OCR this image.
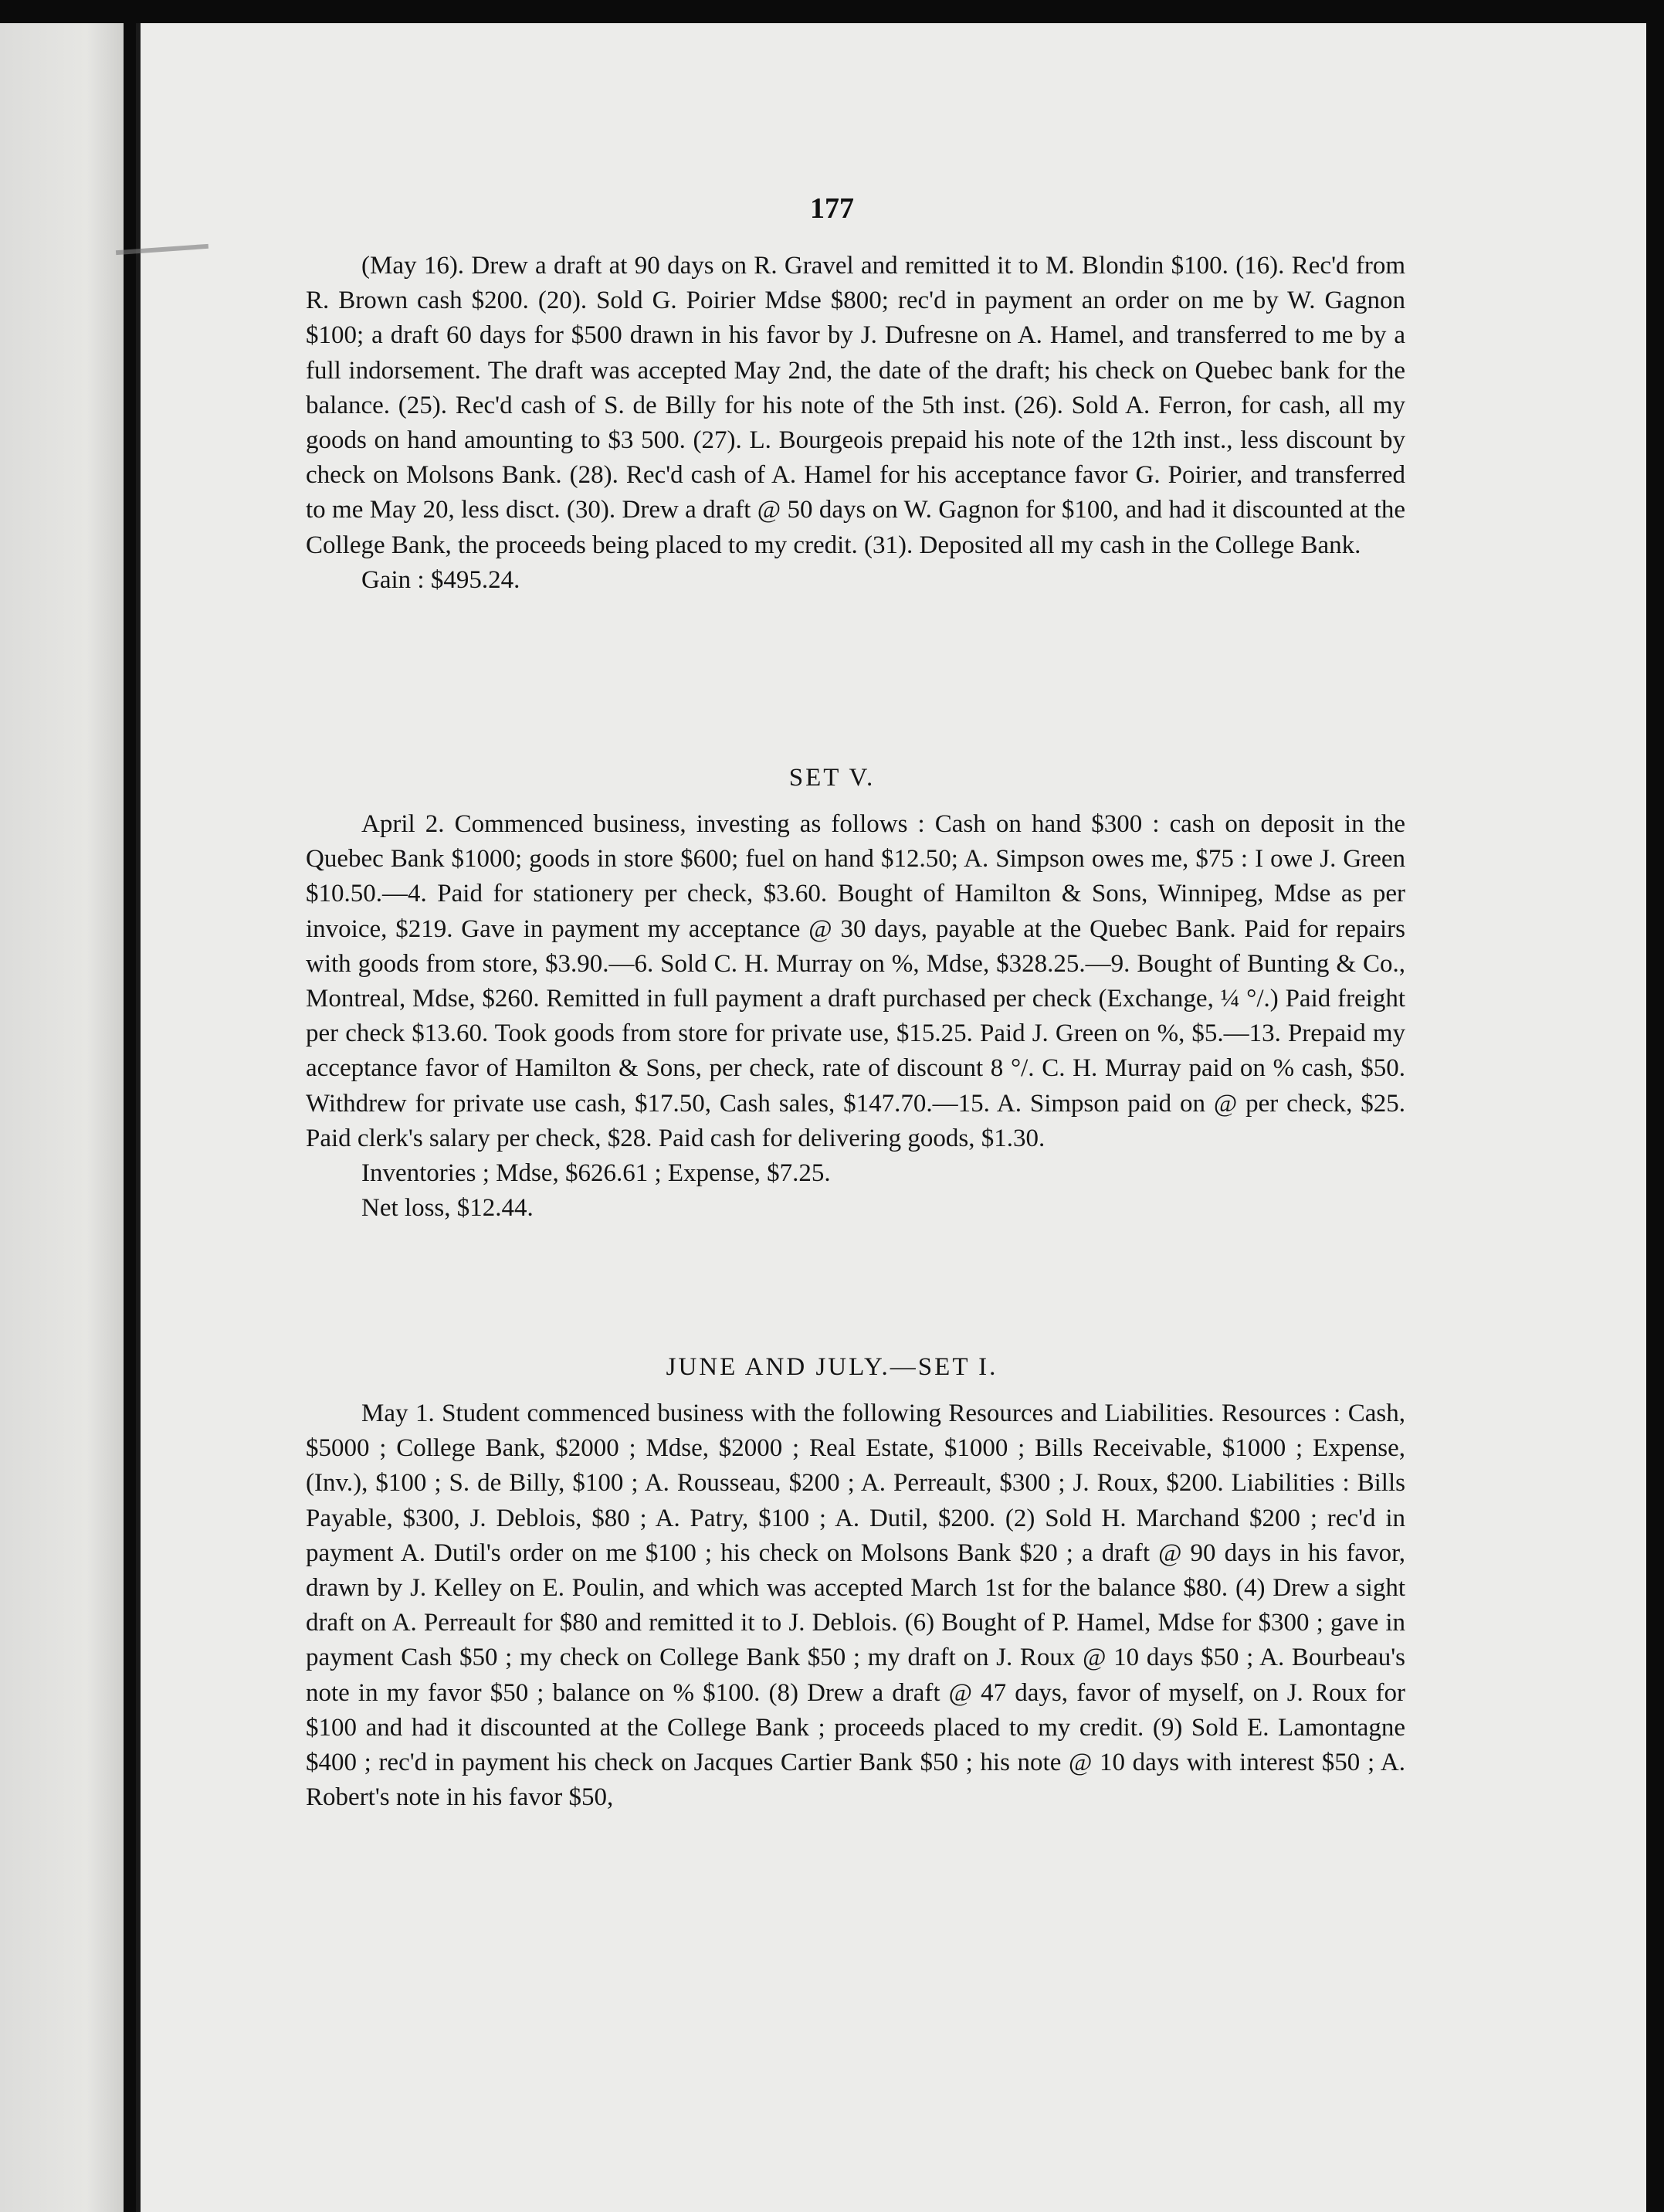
177

(May 16). Drew a draft at 90 days on R. Gravel and remitted it to M. Blondin $100. (16). Rec'd from R. Brown cash $200. (20). Sold G. Poirier Mdse $800; rec'd in payment an order on me by W. Gagnon $100; a draft 60 days for $500 drawn in his favor by J. Dufresne on A. Hamel, and transferred to me by a full indorsement. The draft was accepted May 2nd, the date of the draft; his check on Quebec bank for the balance. (25). Rec'd cash of S. de Billy for his note of the 5th inst. (26). Sold A. Ferron, for cash, all my goods on hand amounting to $3 500. (27). L. Bourgeois prepaid his note of the 12th inst., less discount by check on Molsons Bank. (28). Rec'd cash of A. Hamel for his acceptance favor G. Poirier, and transferred to me May 20, less disct. (30). Drew a draft @ 50 days on W. Gagnon for $100, and had it discounted at the College Bank, the proceeds being placed to my credit. (31). Deposited all my cash in the College Bank.

Gain : $495.24.

SET V.

April 2. Commenced business, investing as follows : Cash on hand $300 : cash on deposit in the Quebec Bank $1000; goods in store $600; fuel on hand $12.50; A. Simpson owes me, $75 : I owe J. Green $10.50.—4. Paid for stationery per check, $3.60. Bought of Hamilton & Sons, Winnipeg, Mdse as per invoice, $219. Gave in payment my acceptance @ 30 days, payable at the Quebec Bank. Paid for repairs with goods from store, $3.90.—6. Sold C. H. Murray on %, Mdse, $328.25.—9. Bought of Bunting & Co., Montreal, Mdse, $260. Remitted in full payment a draft purchased per check (Exchange, ¼ °/.) Paid freight per check $13.60. Took goods from store for private use, $15.25. Paid J. Green on %, $5.—13. Prepaid my acceptance favor of Hamilton & Sons, per check, rate of discount 8 °/. C. H. Murray paid on % cash, $50. Withdrew for private use cash, $17.50, Cash sales, $147.70.—15. A. Simpson paid on @ per check, $25. Paid clerk's salary per check, $28. Paid cash for delivering goods, $1.30.

Inventories ; Mdse, $626.61 ; Expense, $7.25.

Net loss, $12.44.

JUNE AND JULY.—SET I.

May 1. Student commenced business with the following Resources and Liabilities. Resources : Cash, $5000 ; College Bank, $2000 ; Mdse, $2000 ; Real Estate, $1000 ; Bills Receivable, $1000 ; Expense, (Inv.), $100 ; S. de Billy, $100 ; A. Rousseau, $200 ; A. Perreault, $300 ; J. Roux, $200. Liabilities : Bills Payable, $300, J. Deblois, $80 ; A. Patry, $100 ; A. Dutil, $200. (2) Sold H. Marchand $200 ; rec'd in payment A. Dutil's order on me $100 ; his check on Molsons Bank $20 ; a draft @ 90 days in his favor, drawn by J. Kelley on E. Poulin, and which was accepted March 1st for the balance $80. (4) Drew a sight draft on A. Perreault for $80 and remitted it to J. Deblois. (6) Bought of P. Hamel, Mdse for $300 ; gave in payment Cash $50 ; my check on College Bank $50 ; my draft on J. Roux @ 10 days $50 ; A. Bourbeau's note in my favor $50 ; balance on % $100. (8) Drew a draft @ 47 days, favor of myself, on J. Roux for $100 and had it discounted at the College Bank ; proceeds placed to my credit. (9) Sold E. Lamontagne $400 ; rec'd in payment his check on Jacques Cartier Bank $50 ; his note @ 10 days with interest $50 ; A. Robert's note in his favor $50,
